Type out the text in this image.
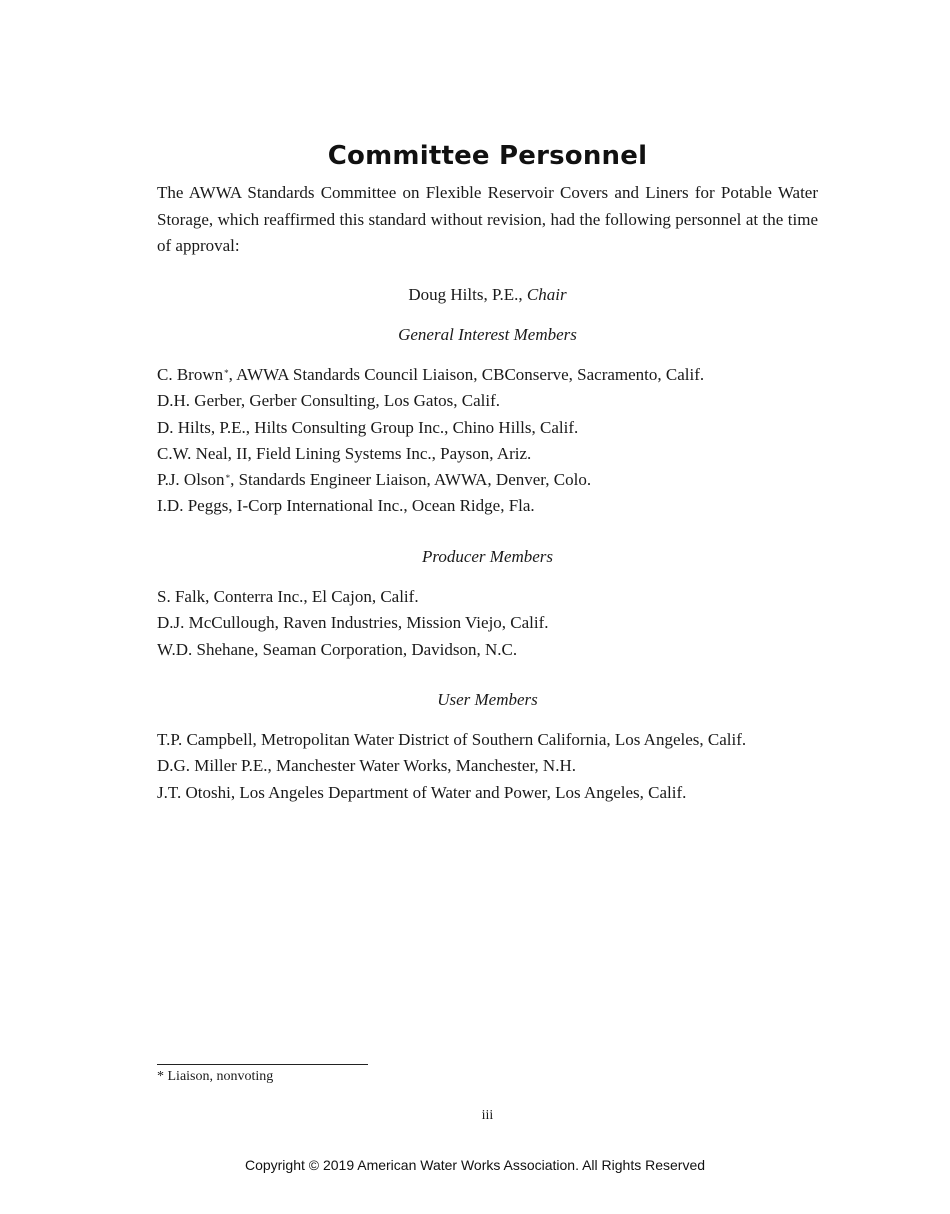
Committee Personnel

The AWWA Standards Committee on Flexible Reservoir Covers and Liners for Potable Water Storage, which reaffirmed this standard without revision, had the following personnel at the time of approval:

Doug Hilts, P.E., Chair
General Interest Members
C. Brown*, AWWA Standards Council Liaison, CBConserve, Sacramento, Calif.
D.H. Gerber, Gerber Consulting, Los Gatos, Calif.
D. Hilts, P.E., Hilts Consulting Group Inc., Chino Hills, Calif.
C.W. Neal, II, Field Lining Systems Inc., Payson, Ariz.
P.J. Olson*, Standards Engineer Liaison, AWWA, Denver, Colo.
I.D. Peggs, I-Corp International Inc., Ocean Ridge, Fla.
Producer Members
S. Falk, Conterra Inc., El Cajon, Calif.
D.J. McCullough, Raven Industries, Mission Viejo, Calif.
W.D. Shehane, Seaman Corporation, Davidson, N.C.
User Members
T.P. Campbell, Metropolitan Water District of Southern California, Los Angeles, Calif.
D.G. Miller P.E., Manchester Water Works, Manchester, N.H.
J.T. Otoshi, Los Angeles Department of Water and Power, Los Angeles, Calif.
* Liaison, nonvoting
iii
Copyright © 2019 American Water Works Association. All Rights Reserved
